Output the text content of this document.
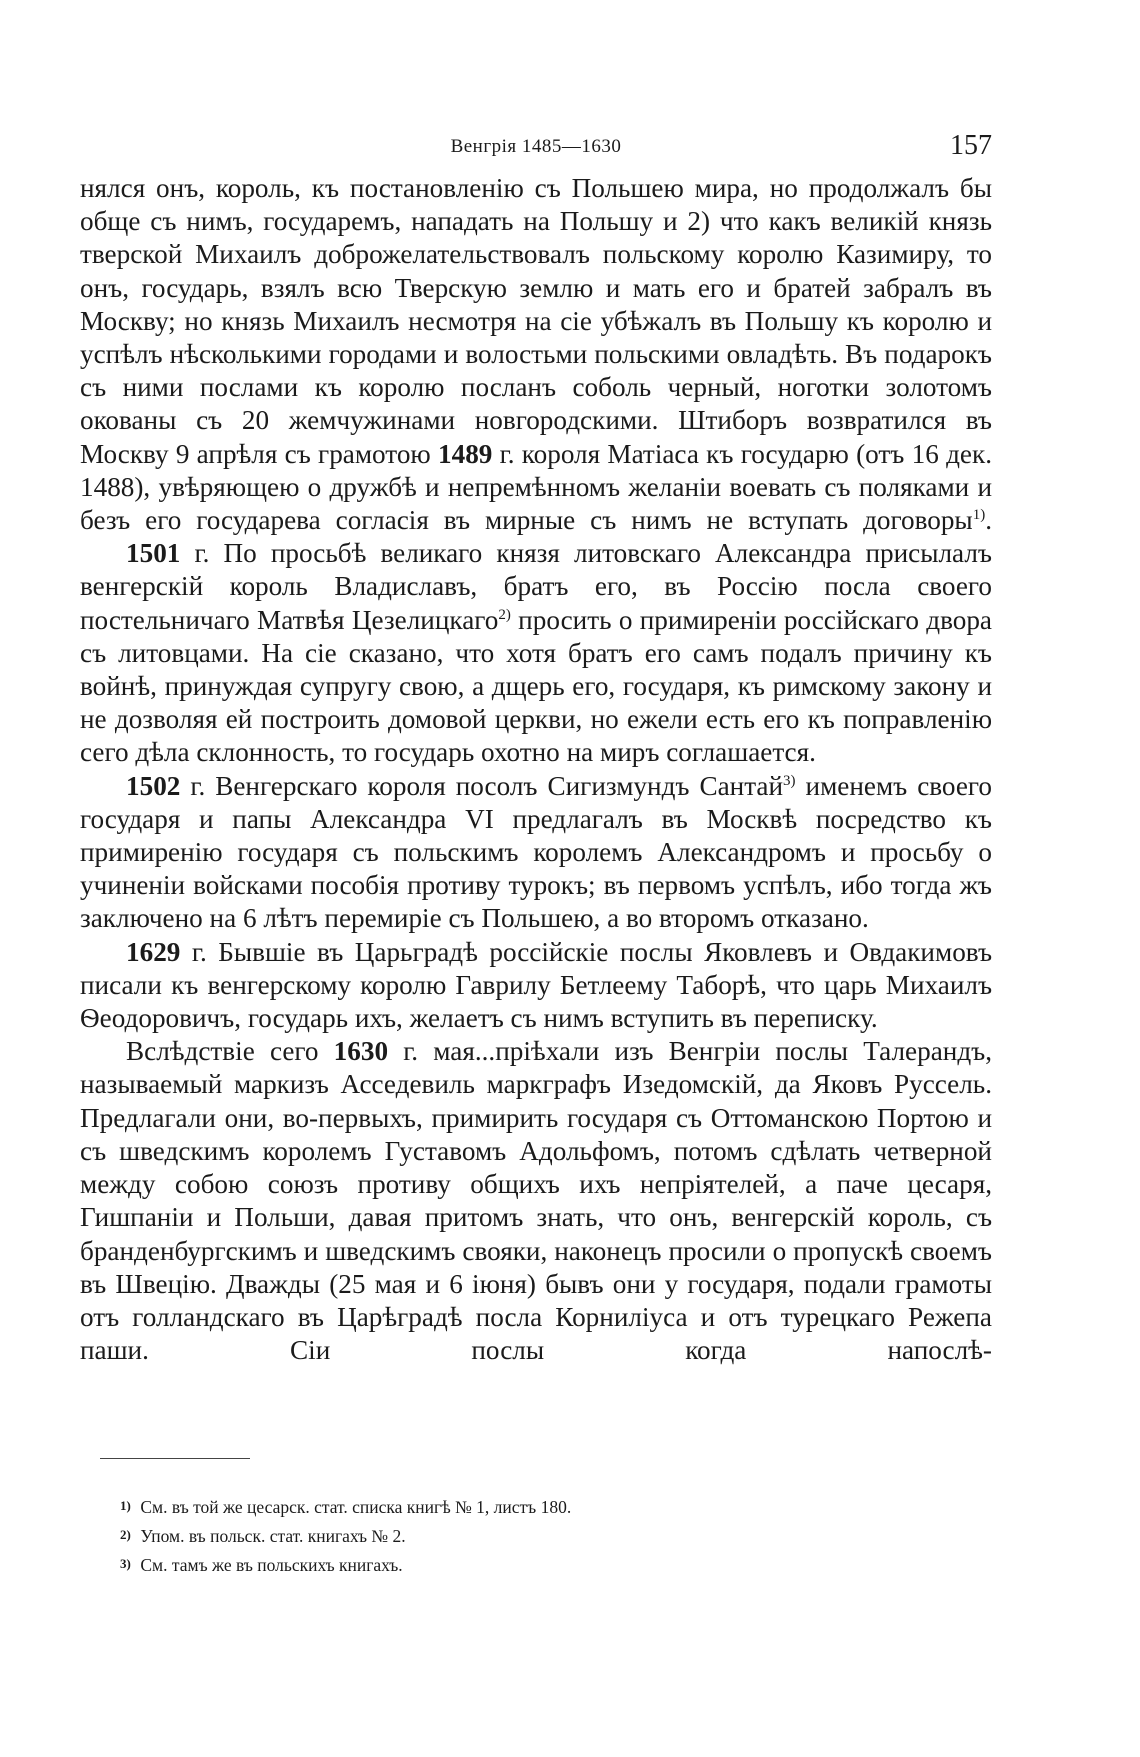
Венгрія 1485—1630	157

нялся онъ, король, къ постановленію съ Польшею мира, но продолжалъ бы обще съ нимъ, государемъ, нападать на Польшу и 2) что какъ великій князь тверской Михаилъ доброжелательствовалъ польскому королю Казимиру, то онъ, государь, взялъ всю Тверскую землю и мать его и братей забралъ въ Москву; но князь Михаилъ несмотря на сіе убѣжалъ въ Польшу къ королю и успѣлъ нѣсколькими городами и волостьми польскими овладѣть. Въ подарокъ съ ними послами къ королю посланъ соболь черный, ноготки золотомъ окованы съ 20 жемчужинами новгородскими. Штиборъ возвратился въ Москву 9 апрѣля съ грамотою 1489 г. короля Матіаса къ государю (отъ 16 дек. 1488), увѣряющею о дружбѣ и непремѣнномъ желаніи воевать съ поляками и безъ его государева согласія въ мирные съ нимъ не вступать договоры$^{1)}$.

1501 г. По просьбѣ великаго князя литовскаго Александра присылалъ венгерскій король Владиславъ, братъ его, въ Россію посла своего постельничаго Матвѣя Цезелицкаго$^{2)}$ просить о примиреніи россійскаго двора съ литовцами. На сіе сказано, что хотя братъ его самъ подалъ причину къ войнѣ, принуждая супругу свою, а дщерь его, государя, къ римскому закону и не дозволяя ей построить домовой церкви, но ежели есть его къ поправленію сего дѣла склонность, то государь охотно на миръ соглашается.

1502 г. Венгерскаго короля посолъ Сигизмундъ Сантай$^{3)}$ именемъ своего государя и папы Александра VI предлагалъ въ Москвѣ посредство къ примиренію государя съ польскимъ королемъ Александромъ и просьбу о учиненіи войсками пособія противу турокъ; въ первомъ успѣлъ, ибо тогда жъ заключено на 6 лѣтъ перемиріе съ Польшею, а во второмъ отказано.

1629 г. Бывшіе въ Царьградѣ россійскіе послы Яковлевъ и Овдакимовъ писали къ венгерскому королю Гаврилу Бетлеему Таборѣ, что царь Михаилъ Ѳеодоровичъ, государь ихъ, желаетъ съ нимъ вступить въ переписку.

Вслѣдствіе сего 1630 г. мая...пріѣхали изъ Венгріи послы Талерандъ, называемый маркизъ Асседевиль маркграфъ Изедомскій, да Яковъ Руссель. Предлагали они, во-первыхъ, примирить государя съ Оттоманскою Портою и съ шведскимъ королемъ Густавомъ Адольфомъ, потомъ сдѣлать четверной между собою союзъ противу общихъ ихъ непріятелей, а паче цесаря, Гишпаніи и Польши, давая притомъ знать, что онъ, венгерскій король, съ бранденбургскимъ и шведскимъ свояки, наконецъ просили о пропускѣ своемъ въ Швецію. Дважды (25 мая и 6 іюня) бывъ они у государя, подали грамоты отъ голландскаго въ Царѣградѣ посла Корниліуса и отъ турецкаго Режепа паши. Сіи послы когда напослѣ-

1) См. въ той же цесарск. стат. списка книгѣ № 1, листъ 180.
2) Упом. въ польск. стат. книгахъ № 2.
3) См. тамъ же въ польскихъ книгахъ.
